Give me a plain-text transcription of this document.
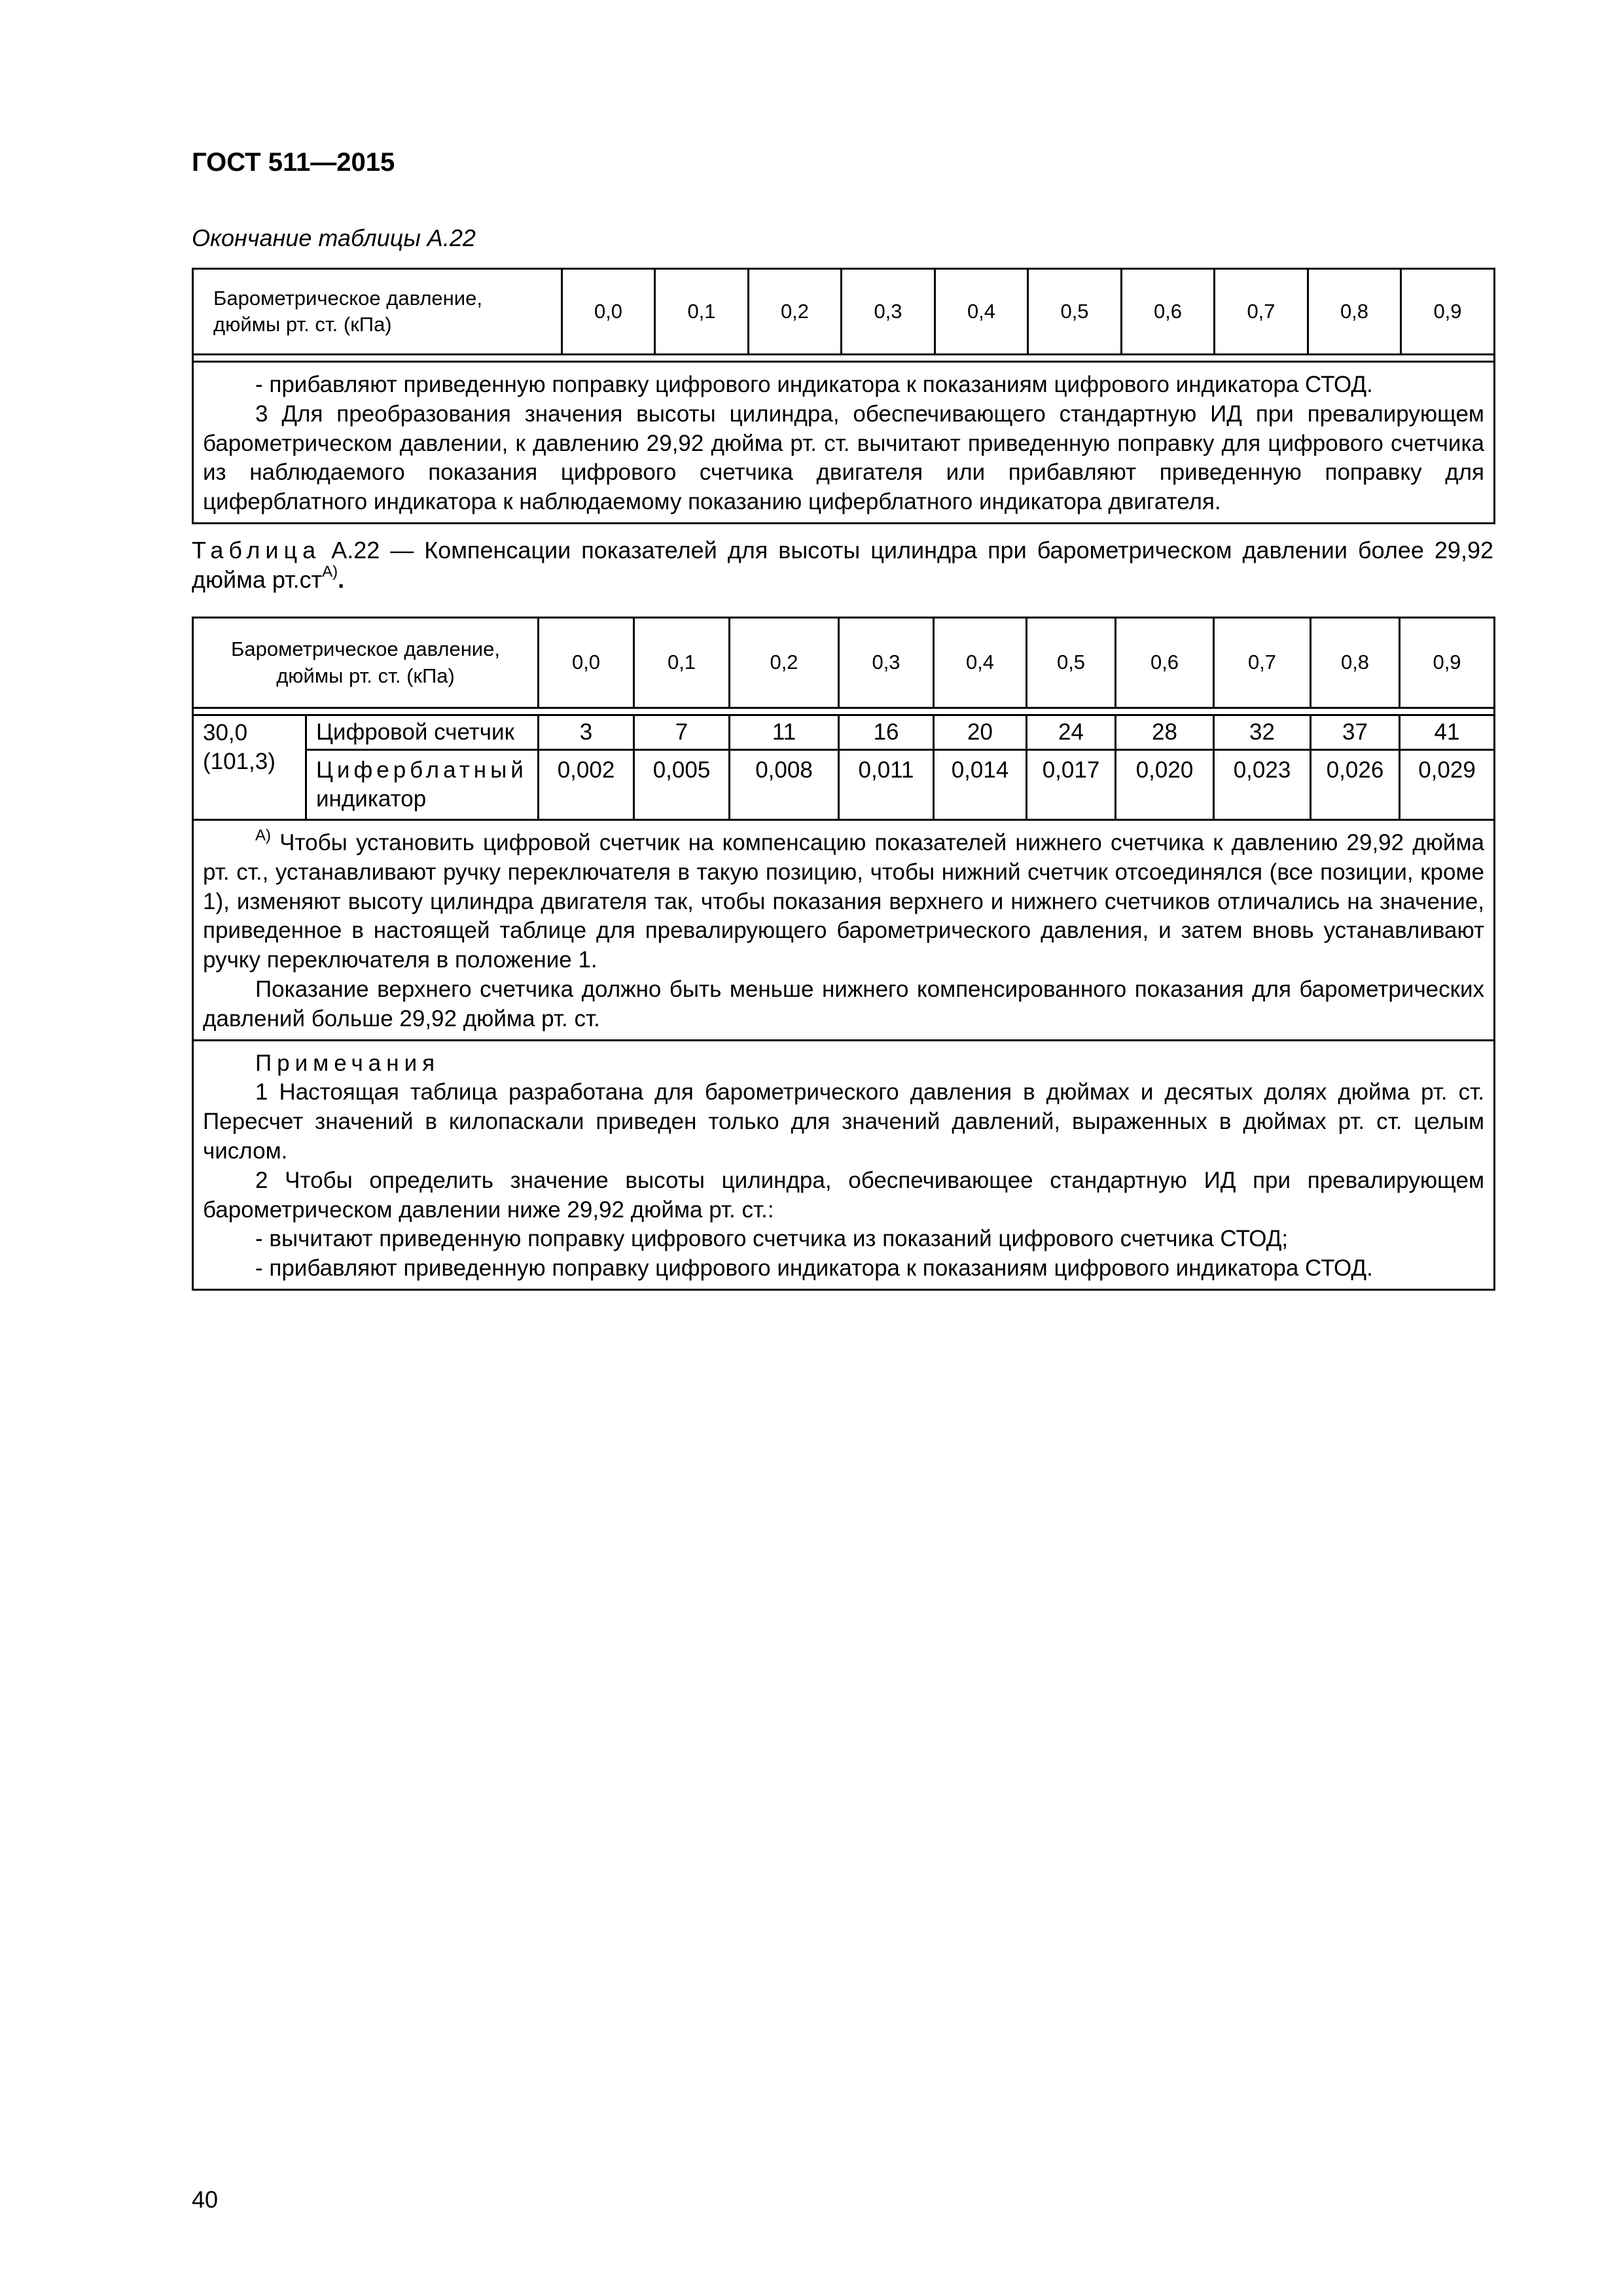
ГОСТ 511—2015
Окончание таблицы А.22
Барометрическое давление,
дюймы рт. ст. (кПа)
	0,0	0,1	0,2	0,3	0,4	0,5	0,6	0,7	0,8	0,9

- прибавляют приведенную поправку цифрового индикатора к показаниям цифрового индикатора СТОД.

3 Для преобразования значения высоты цилиндра, обеспечивающего стандартную ИД при превалирующем барометрическом давлении, к давлению 29,92 дюйма рт. ст. вычитают приведенную поправку для цифрового счетчика из наблюдаемого показания цифрового счетчика двигателя или прибавляют приведенную поправку для циферблатного индикатора к наблюдаемому показанию циферблатного индикатора двигателя.

Таблица А.22 — Компенсации показателей для высоты цилиндра при барометрическом давлении более 29,92 дюйма $рт.ст^{А)}$.
Барометрическое давление,
дюймы рт. ст. (кПа)		0,0	0,1	0,2	0,3	0,4	0,5	0,6	0,7	0,8	0,9

30,0
(101,3)	Цифровой счетчик	3	7	11	16	20	24	28	32	37	41

	Циферблатный
индикатор	0,002	0,005	0,008	0,011	0,014	0,017	0,020	0,023	0,026	0,029

$^{А)}$ Чтобы установить цифровой счетчик на компенсацию показателей нижнего счетчика к давлению 29,92 дюйма рт. ст., устанавливают ручку переключателя в такую позицию, чтобы нижний счетчик отсоединялся (все позиции, кроме 1), изменяют высоту цилиндра двигателя так, чтобы показания верхнего и нижнего счетчиков отличались на значение, приведенное в настоящей таблице для превалирующего барометрического давления, и затем вновь устанавливают ручку переключателя в положение 1.

Показание верхнего счетчика должно быть меньше нижнего компенсированного показания для барометрических давлений больше 29,92 дюйма рт. ст.											

Примечания

1 Настоящая таблица разработана для барометрического давления в дюймах и десятых долях дюйма рт. ст. Пересчет значений в килопаскали приведен только для значений давлений, выраженных в дюймах рт. ст. целым числом.

2 Чтобы определить значение высоты цилиндра, обеспечивающее стандартную ИД при превалирующем барометрическом давлении ниже 29,92 дюйма рт. ст.:

- вычитают приведенную поправку цифрового счетчика из показаний цифрового счетчика СТОД;

- прибавляют приведенную поправку цифрового индикатора к показаниям цифрового индикатора СТОД.											

40
